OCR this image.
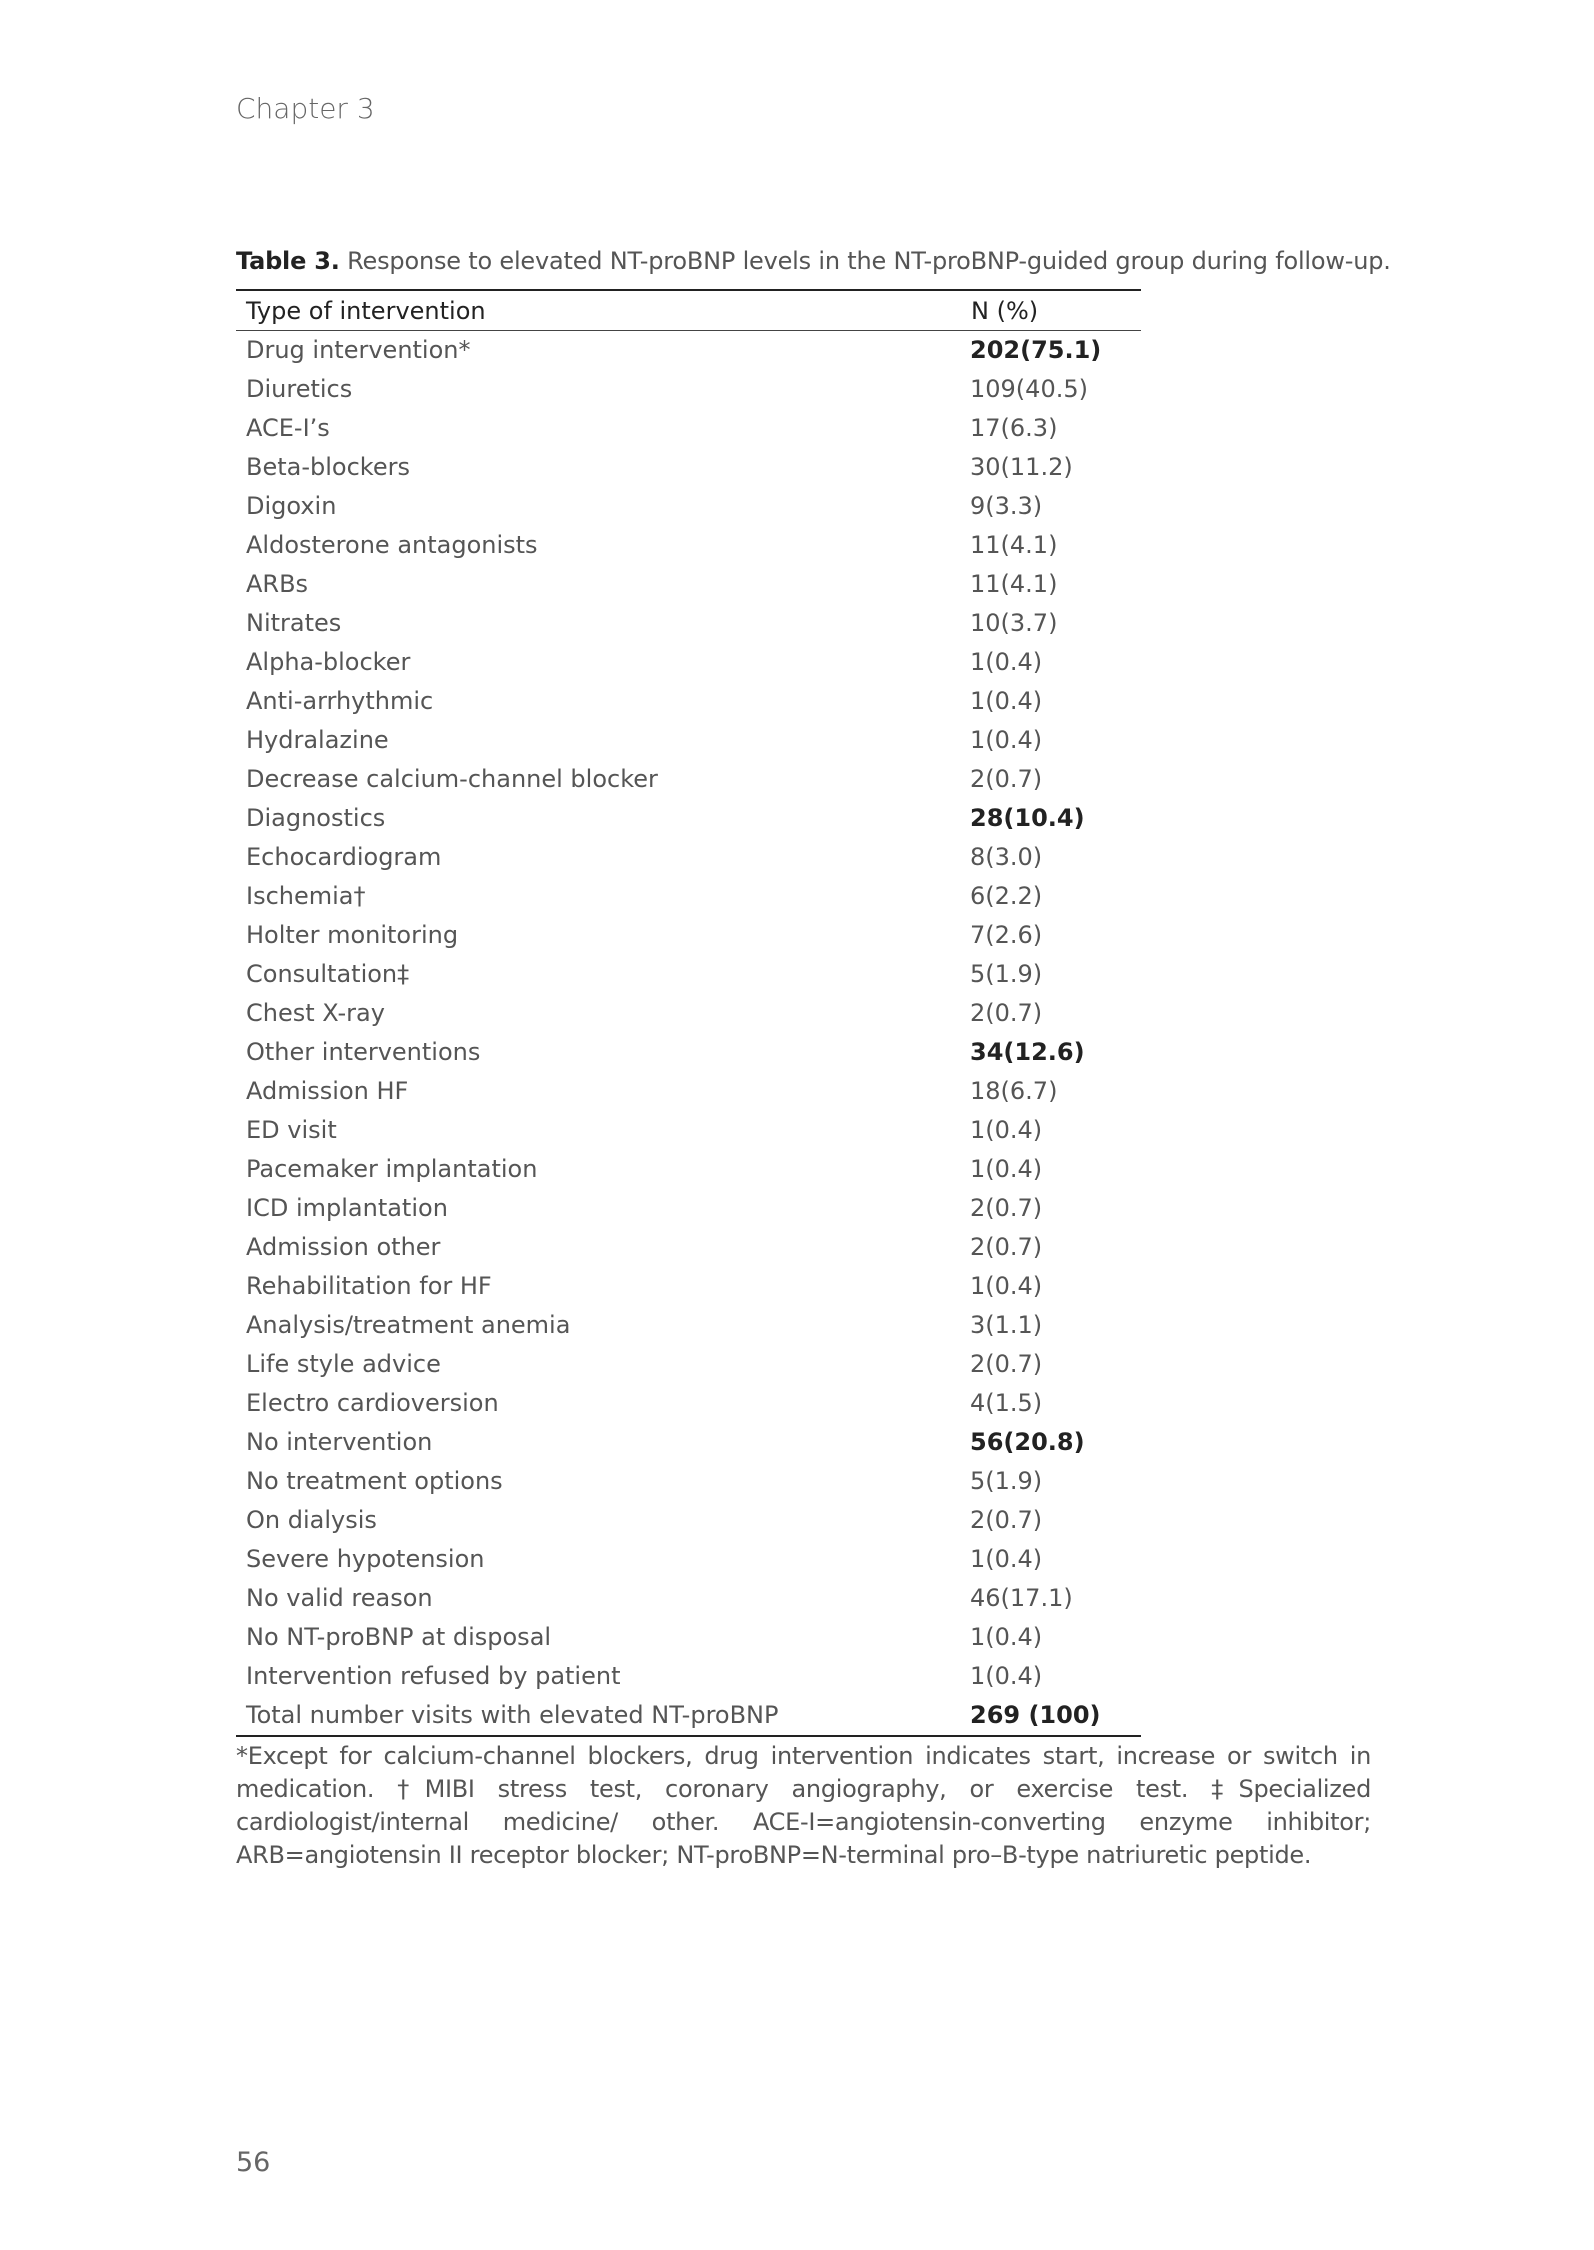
Chapter 3
Table 3. Response to elevated NT-proBNP levels in the NT-proBNP-guided group during follow-up.
Type of intervention	N (%)
Drug intervention*	202(75.1)
Diuretics	109(40.5)
ACE-I’s	17(6.3)
Beta-blockers	30(11.2)
Digoxin	9(3.3)
Aldosterone antagonists	11(4.1)
ARBs	11(4.1)
Nitrates	10(3.7)
Alpha-blocker	1(0.4)
Anti-arrhythmic	1(0.4)
Hydralazine	1(0.4)
Decrease calcium-channel blocker	2(0.7)
Diagnostics	28(10.4)
Echocardiogram	8(3.0)
Ischemia†	6(2.2)
Holter monitoring	7(2.6)
Consultation‡	5(1.9)
Chest X-ray	2(0.7)
Other interventions	34(12.6)
Admission HF	18(6.7)
ED visit	1(0.4)
Pacemaker implantation	1(0.4)
ICD implantation	2(0.7)
Admission other	2(0.7)
Rehabilitation for HF	1(0.4)
Analysis/treatment anemia	3(1.1)
Life style advice	2(0.7)
Electro cardioversion	4(1.5)
No intervention	56(20.8)
No treatment options	5(1.9)
On dialysis	2(0.7)
Severe hypotension	1(0.4)
No valid reason	46(17.1)
No NT-proBNP at disposal	1(0.4)
Intervention refused by patient	1(0.4)
Total number visits with elevated NT-proBNP	269 (100)
*Except for calcium-channel blockers, drug intervention indicates start, increase or switch in medication. †MIBI stress test, coronary angiography, or exercise test. ‡Specialized cardiologist/internal medicine/ other. ACE-I=angiotensin-converting enzyme inhibitor; ARB=angiotensin II receptor blocker; NT-proBNP=N-terminal pro–B-type natriuretic peptide.
56
